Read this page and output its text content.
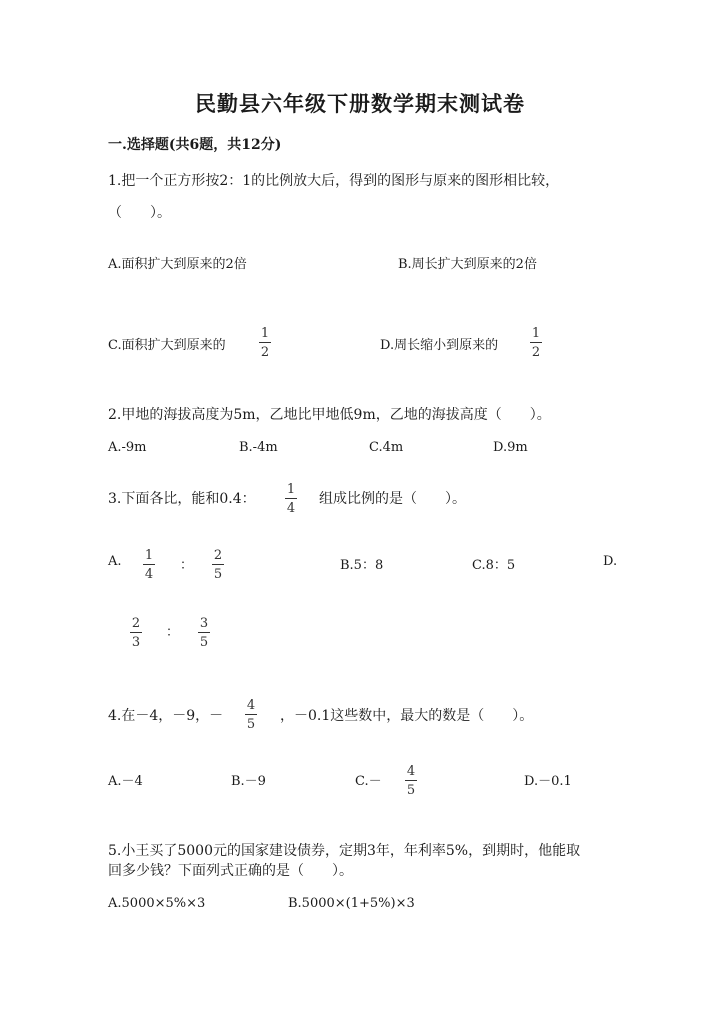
民勤县六年级下册数学期末测试卷
一.选择题(共6题，共12分)
1.把一个正方形按2：1的比例放大后，得到的图形与原来的图形相比较，
（　　）。
A.面积扩大到原来的2倍	B.周长扩大到原来的2倍
C.面积扩大到原来的
1
2	D.周长缩小到原来的
1
2
2.甲地的海拔高度为5m，乙地比甲地低9m，乙地的海拔高度（　　）。
A.-9m	B.-4m	C.4m	D.9m
3.下面各比，能和0.4：
1
4
组成比例的是（　　）。
A. 1
4
：
2
5
B.5：8	C.8：5	D.
2
3
：
3
5
4.在－4，－9，－
4
5
，－0.1这些数中，最大的数是（　　）。
A.－4	B.－9	C.－
4
5
D.－0.1
5.小王买了5000元的国家建设债券，定期3年，年利率5%，到期时，他能取
回多少钱？下面列式正确的是（　　）。
A.5000×5%×3	B.5000×(1+5%)×3
